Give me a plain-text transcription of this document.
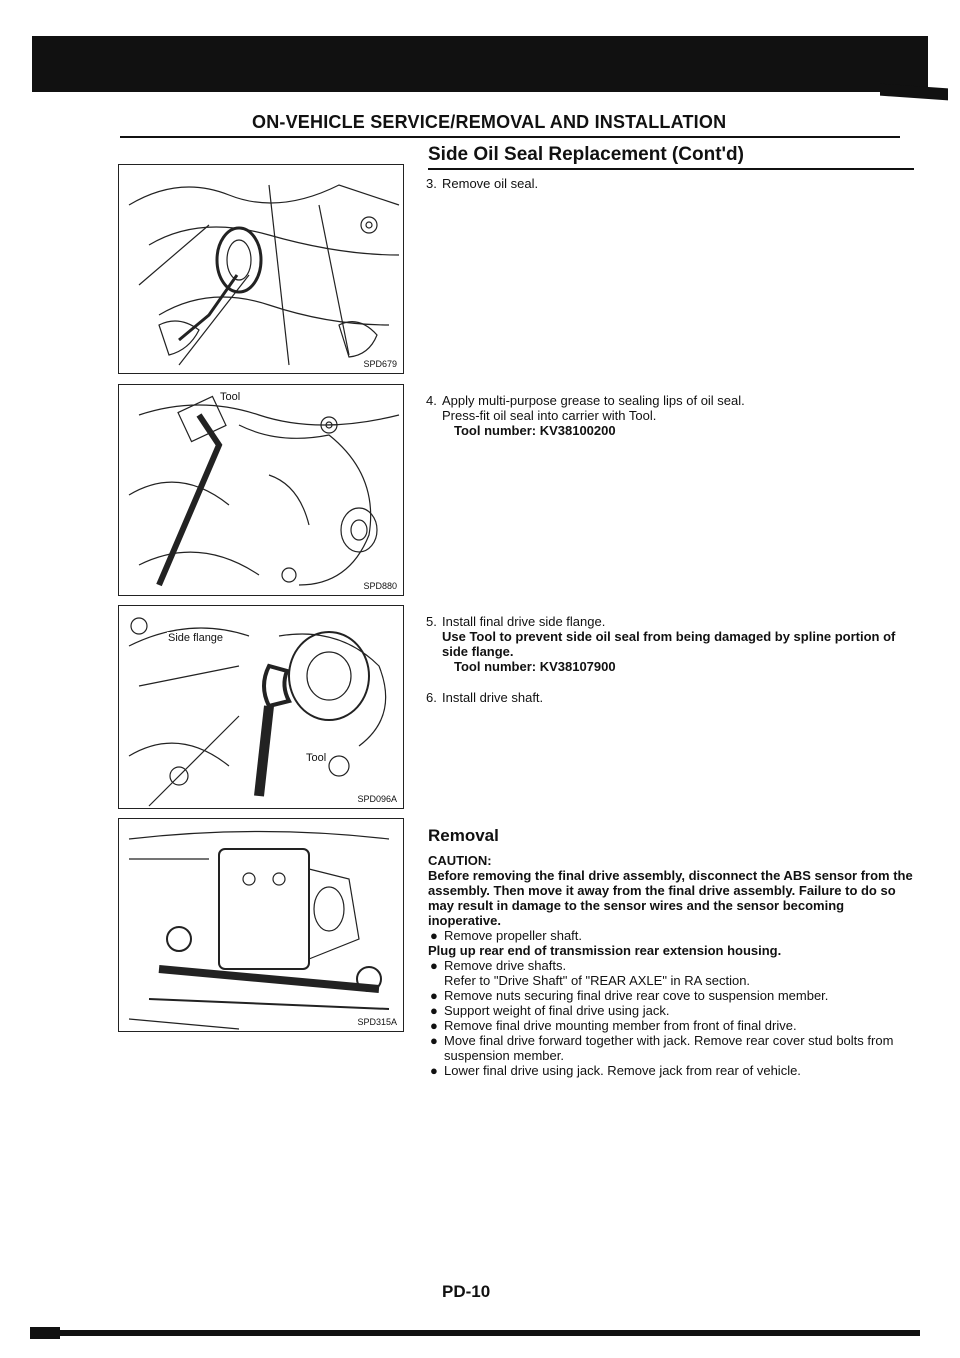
ON-VEHICLE SERVICE/REMOVAL AND INSTALLATION
Side Oil Seal Replacement (Cont'd)
SPD679
Tool
SPD880
Side flange
Tool
SPD096A
SPD315A
3. Remove oil seal.
4. Apply multi-purpose grease to sealing lips of oil seal.
Press-fit oil seal into carrier with Tool.
Tool number: KV38100200
5. Install final drive side flange.
Use Tool to prevent side oil seal from being damaged by spline portion of side flange.
Tool number: KV38107900
6. Install drive shaft.
Removal
CAUTION:
Before removing the final drive assembly, disconnect the ABS sensor from the assembly. Then move it away from the final drive assembly. Failure to do so may result in damage to the sensor wires and the sensor becoming inoperative.
● Remove propeller shaft.
Plug up rear end of transmission rear extension housing.
● Remove drive shafts.
Refer to "Drive Shaft" of "REAR AXLE" in RA section.
● Remove nuts securing final drive rear cove to suspension member.
● Support weight of final drive using jack.
● Remove final drive mounting member from front of final drive.
● Move final drive forward together with jack. Remove rear cover stud bolts from suspension member.
● Lower final drive using jack. Remove jack from rear of vehicle.
PD-10
